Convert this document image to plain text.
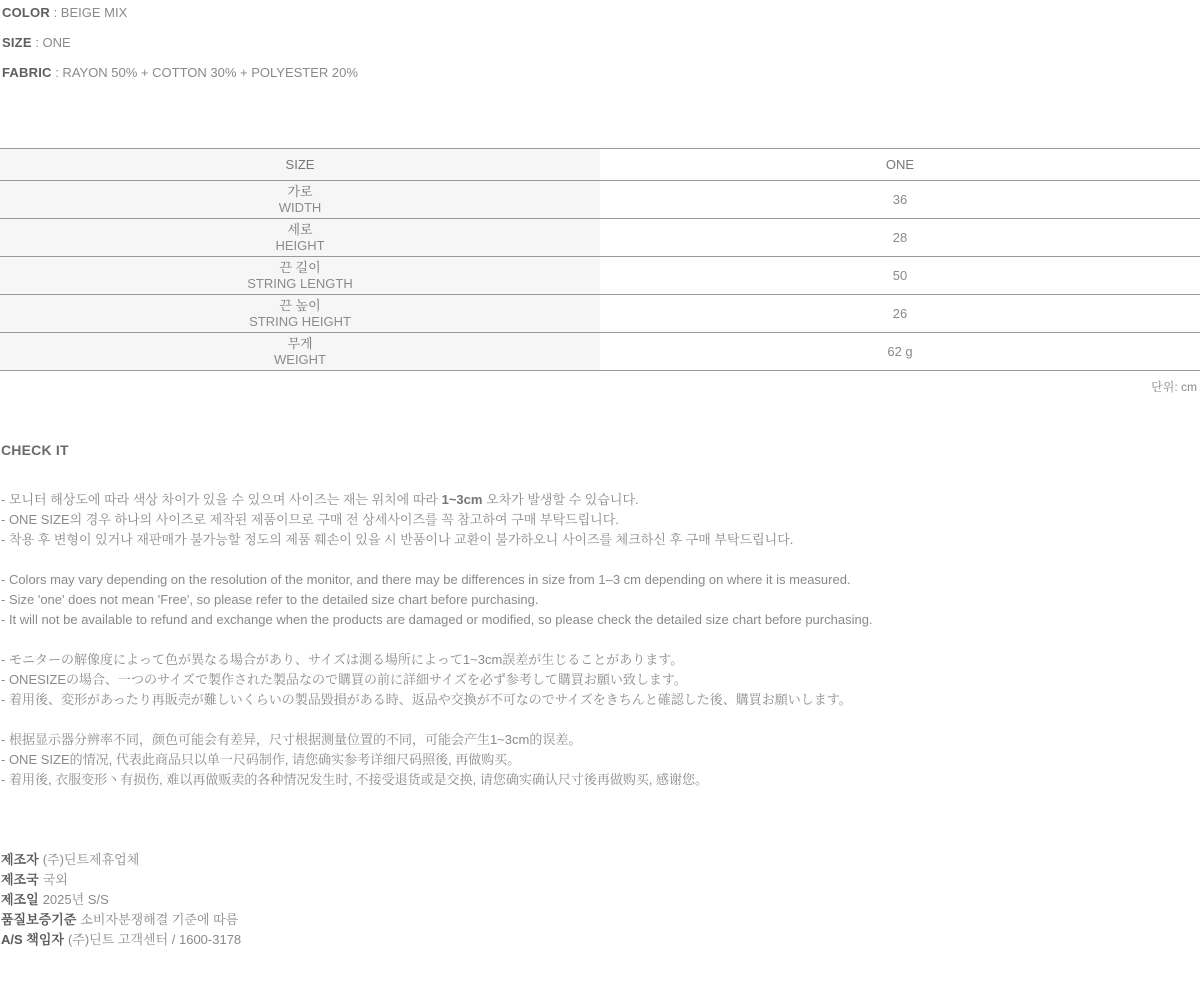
COLOR : BEIGE MIX

SIZE : ONE

FABRIC : RAYON 50% + COTTON 30% + POLYESTER 20%

SIZE	ONE

가로
WIDTH	36

세로
HEIGHT	28

끈 길이
STRING LENGTH	50

끈 높이
STRING HEIGHT	26

무게
WEIGHT	62 g
단위: cm
CHECK IT

- 모니터 해상도에 따라 색상 차이가 있을 수 있으며 사이즈는 재는 위치에 따라 1~3cm 오차가 발생할 수 있습니다.

- ONE SIZE의 경우 하나의 사이즈로 제작된 제품이므로 구매 전 상세사이즈를 꼭 참고하여 구매 부탁드립니다.

- 착용 후 변형이 있거나 재판매가 불가능할 정도의 제품 훼손이 있을 시 반품이나 교환이 불가하오니 사이즈를 체크하신 후 구매 부탁드립니다.

- Colors may vary depending on the resolution of the monitor, and there may be differences in size from 1–3 cm depending on where it is measured.

- Size 'one' does not mean 'Free', so please refer to the detailed size chart before purchasing.

- It will not be available to refund and exchange when the products are damaged or modified, so please check the detailed size chart before purchasing.

- モニターの解像度によって色が異なる場合があり、サイズは測る場所によって1~3cm誤差が生じることがあります。

- ONESIZEの場合、一つのサイズで製作された製品なので購買の前に詳細サイズを必ず参考して購買お願い致します。

- 着用後、変形があったり再販売が難しいくらいの製品毀損がある時、返品や交換が不可なのでサイズをきちんと確認した後、購買お願いします。

- 根据显示器分辨率不同，颜色可能会有差异，尺寸根据测量位置的不同，可能会产生1~3cm的误差。

- ONE SIZE的情况, 代表此商品只以单一尺码制作, 请您确实参考详细尺码照後, 再做购买。

- 着用後, 衣服变形丶有损伤, 难以再做贩卖的各种情况发生时, 不接受退货或是交换, 请您确实确认尺寸後再做购买, 感谢您。

제조자 (주)딘트제휴업체

제조국 국외

제조일 2025년 S/S

품질보증기준 소비자분쟁해결 기준에 따름

A/S 책임자 (주)딘트 고객센터 / 1600-3178
